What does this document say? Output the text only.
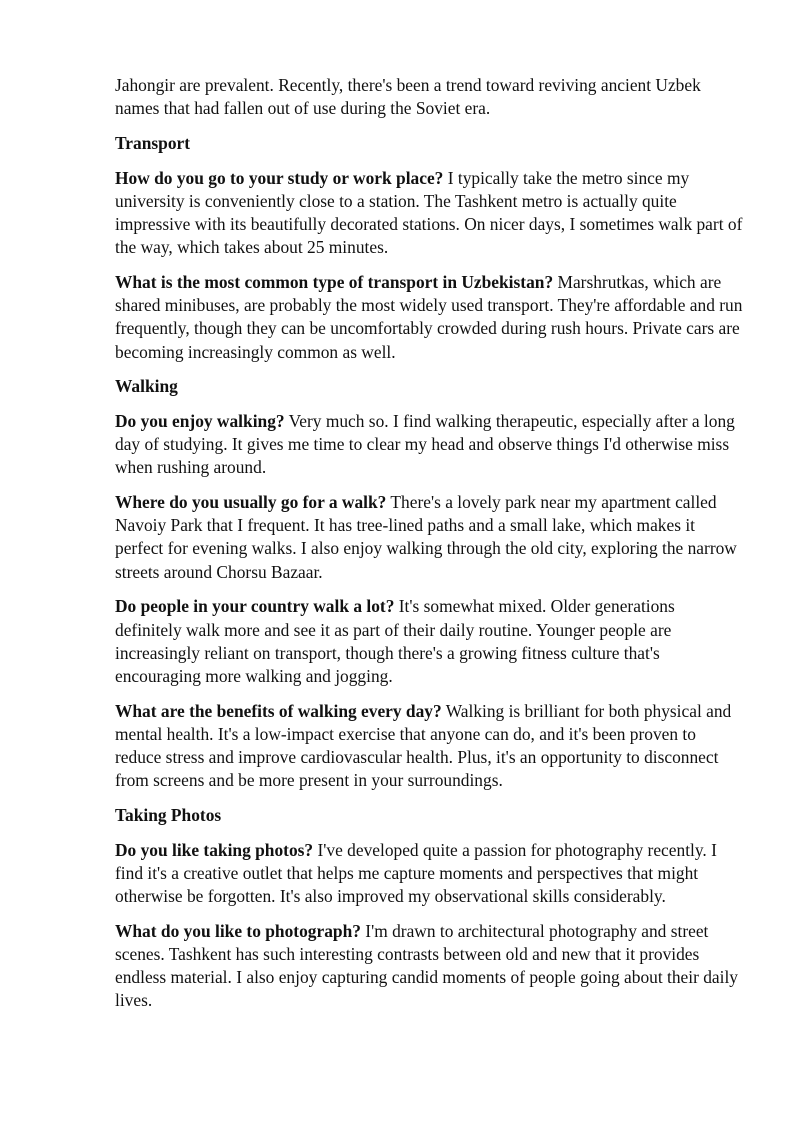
Jahongir are prevalent. Recently, there's been a trend toward reviving ancient Uzbek names that had fallen out of use during the Soviet era.

Transport

How do you go to your study or work place? I typically take the metro since my university is conveniently close to a station. The Tashkent metro is actually quite impressive with its beautifully decorated stations. On nicer days, I sometimes walk part of the way, which takes about 25 minutes.

What is the most common type of transport in Uzbekistan? Marshrutkas, which are shared minibuses, are probably the most widely used transport. They're affordable and run frequently, though they can be uncomfortably crowded during rush hours. Private cars are becoming increasingly common as well.

Walking

Do you enjoy walking? Very much so. I find walking therapeutic, especially after a long day of studying. It gives me time to clear my head and observe things I'd otherwise miss when rushing around.

Where do you usually go for a walk? There's a lovely park near my apartment called Navoiy Park that I frequent. It has tree-lined paths and a small lake, which makes it perfect for evening walks. I also enjoy walking through the old city, exploring the narrow streets around Chorsu Bazaar.

Do people in your country walk a lot? It's somewhat mixed. Older generations definitely walk more and see it as part of their daily routine. Younger people are increasingly reliant on transport, though there's a growing fitness culture that's encouraging more walking and jogging.

What are the benefits of walking every day? Walking is brilliant for both physical and mental health. It's a low-impact exercise that anyone can do, and it's been proven to reduce stress and improve cardiovascular health. Plus, it's an opportunity to disconnect from screens and be more present in your surroundings.

Taking Photos

Do you like taking photos? I've developed quite a passion for photography recently. I find it's a creative outlet that helps me capture moments and perspectives that might otherwise be forgotten. It's also improved my observational skills considerably.

What do you like to photograph? I'm drawn to architectural photography and street scenes. Tashkent has such interesting contrasts between old and new that it provides endless material. I also enjoy capturing candid moments of people going about their daily lives.
